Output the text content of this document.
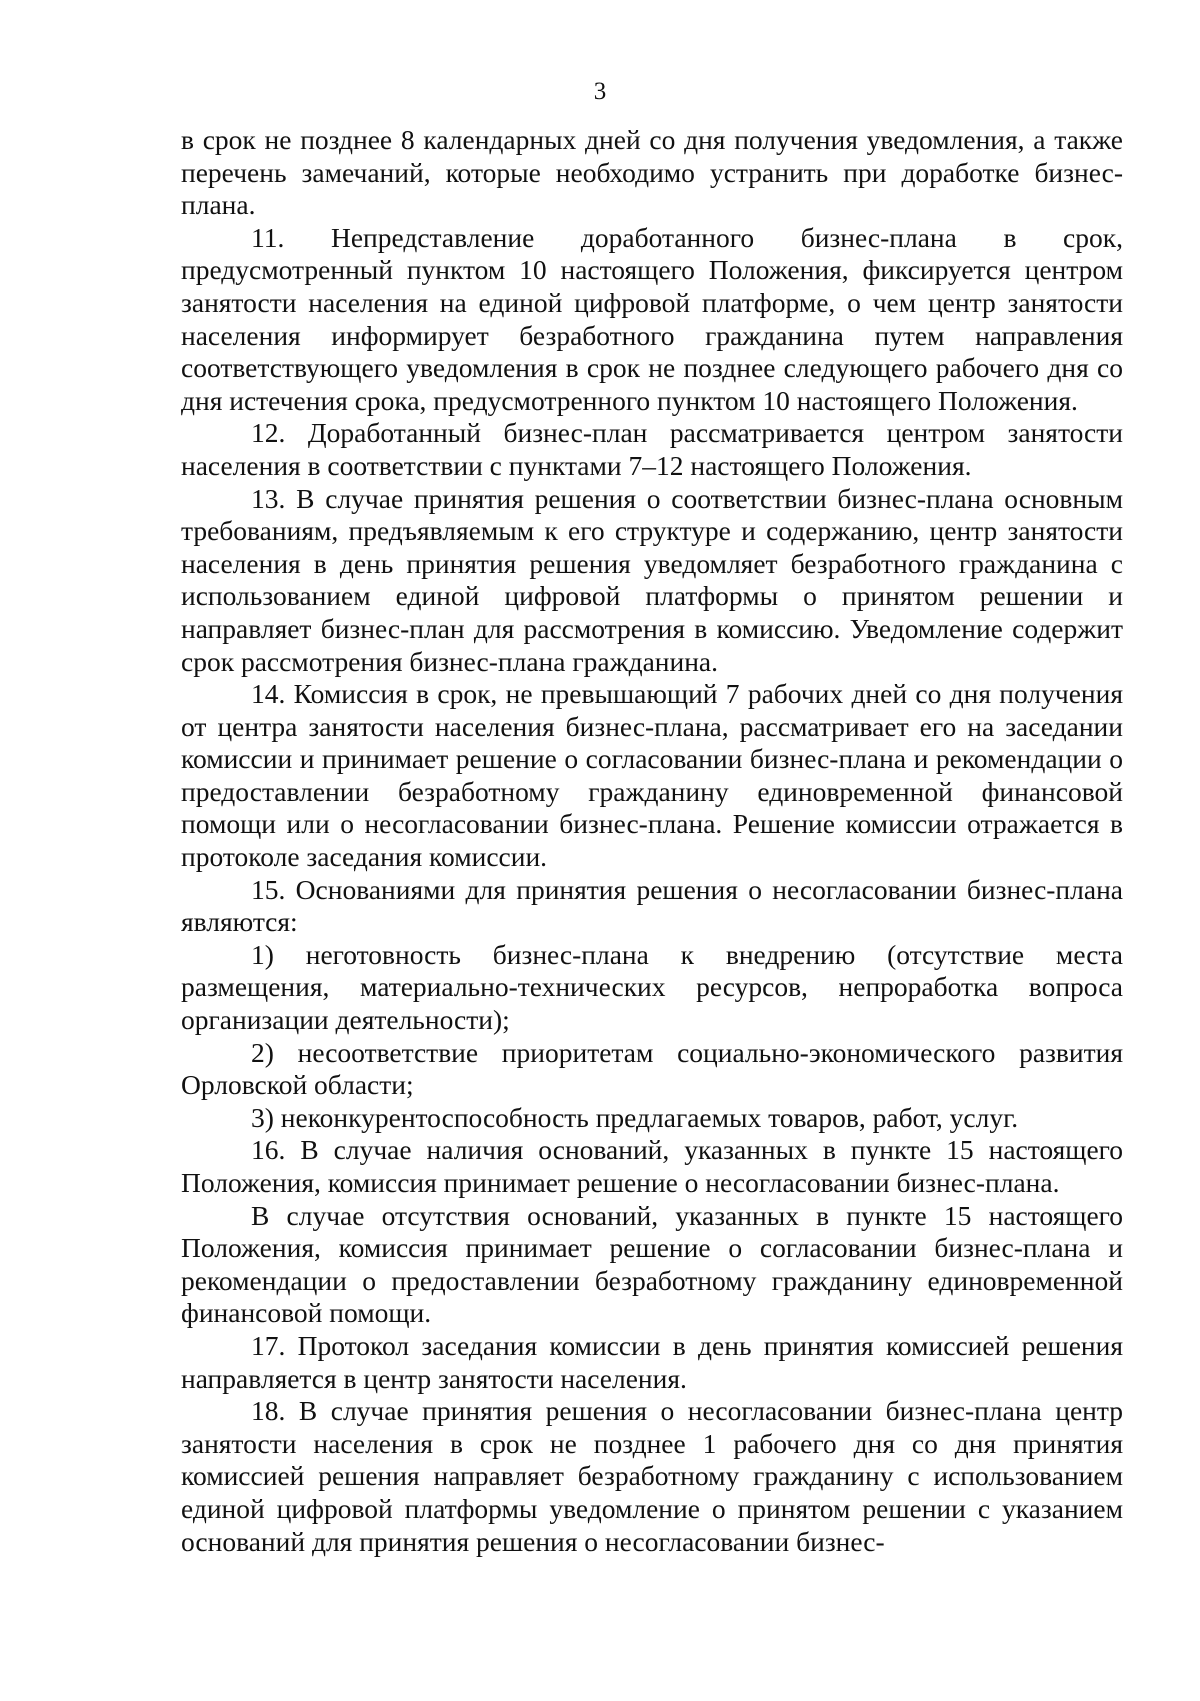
3

в срок не позднее 8 календарных дней со дня получения уведомления, а также перечень замечаний, которые необходимо устранить при доработке бизнес-плана.

11. Непредставление доработанного бизнес-плана в срок, предусмотренный пунктом 10 настоящего Положения, фиксируется центром занятости населения на единой цифровой платформе, о чем центр занятости населения информирует безработного гражданина путем направления соответствующего уведомления в срок не позднее следующего рабочего дня со дня истечения срока, предусмотренного пунктом 10 настоящего Положения.

12. Доработанный бизнес-план рассматривается центром занятости населения в соответствии с пунктами 7–12 настоящего Положения.

13. В случае принятия решения о соответствии бизнес-плана основным требованиям, предъявляемым к его структуре и содержанию, центр занятости населения в день принятия решения уведомляет безработного гражданина с использованием единой цифровой платформы о принятом решении и направляет бизнес-план для рассмотрения в комиссию. Уведомление содержит срок рассмотрения бизнес-плана гражданина.

14. Комиссия в срок, не превышающий 7 рабочих дней со дня получения от центра занятости населения бизнес-плана, рассматривает его на заседании комиссии и принимает решение о согласовании бизнес-плана и рекомендации о предоставлении безработному гражданину единовременной финансовой помощи или о несогласовании бизнес-плана. Решение комиссии отражается в протоколе заседания комиссии.

15. Основаниями для принятия решения о несогласовании бизнес-плана являются:

1) неготовность бизнес-плана к внедрению (отсутствие места размещения, материально-технических ресурсов, непроработка вопроса организации деятельности);

2) несоответствие приоритетам социально-экономического развития Орловской области;

3) неконкурентоспособность предлагаемых товаров, работ, услуг.

16. В случае наличия оснований, указанных в пункте 15 настоящего Положения, комиссия принимает решение о несогласовании бизнес-плана.

В случае отсутствия оснований, указанных в пункте 15 настоящего Положения, комиссия принимает решение о согласовании бизнес-плана и рекомендации о предоставлении безработному гражданину единовременной финансовой помощи.

17. Протокол заседания комиссии в день принятия комиссией решения направляется в центр занятости населения.

18. В случае принятия решения о несогласовании бизнес-плана центр занятости населения в срок не позднее 1 рабочего дня со дня принятия комиссией решения направляет безработному гражданину с использованием единой цифровой платформы уведомление о принятом решении с указанием оснований для принятия решения о несогласовании бизнес-
